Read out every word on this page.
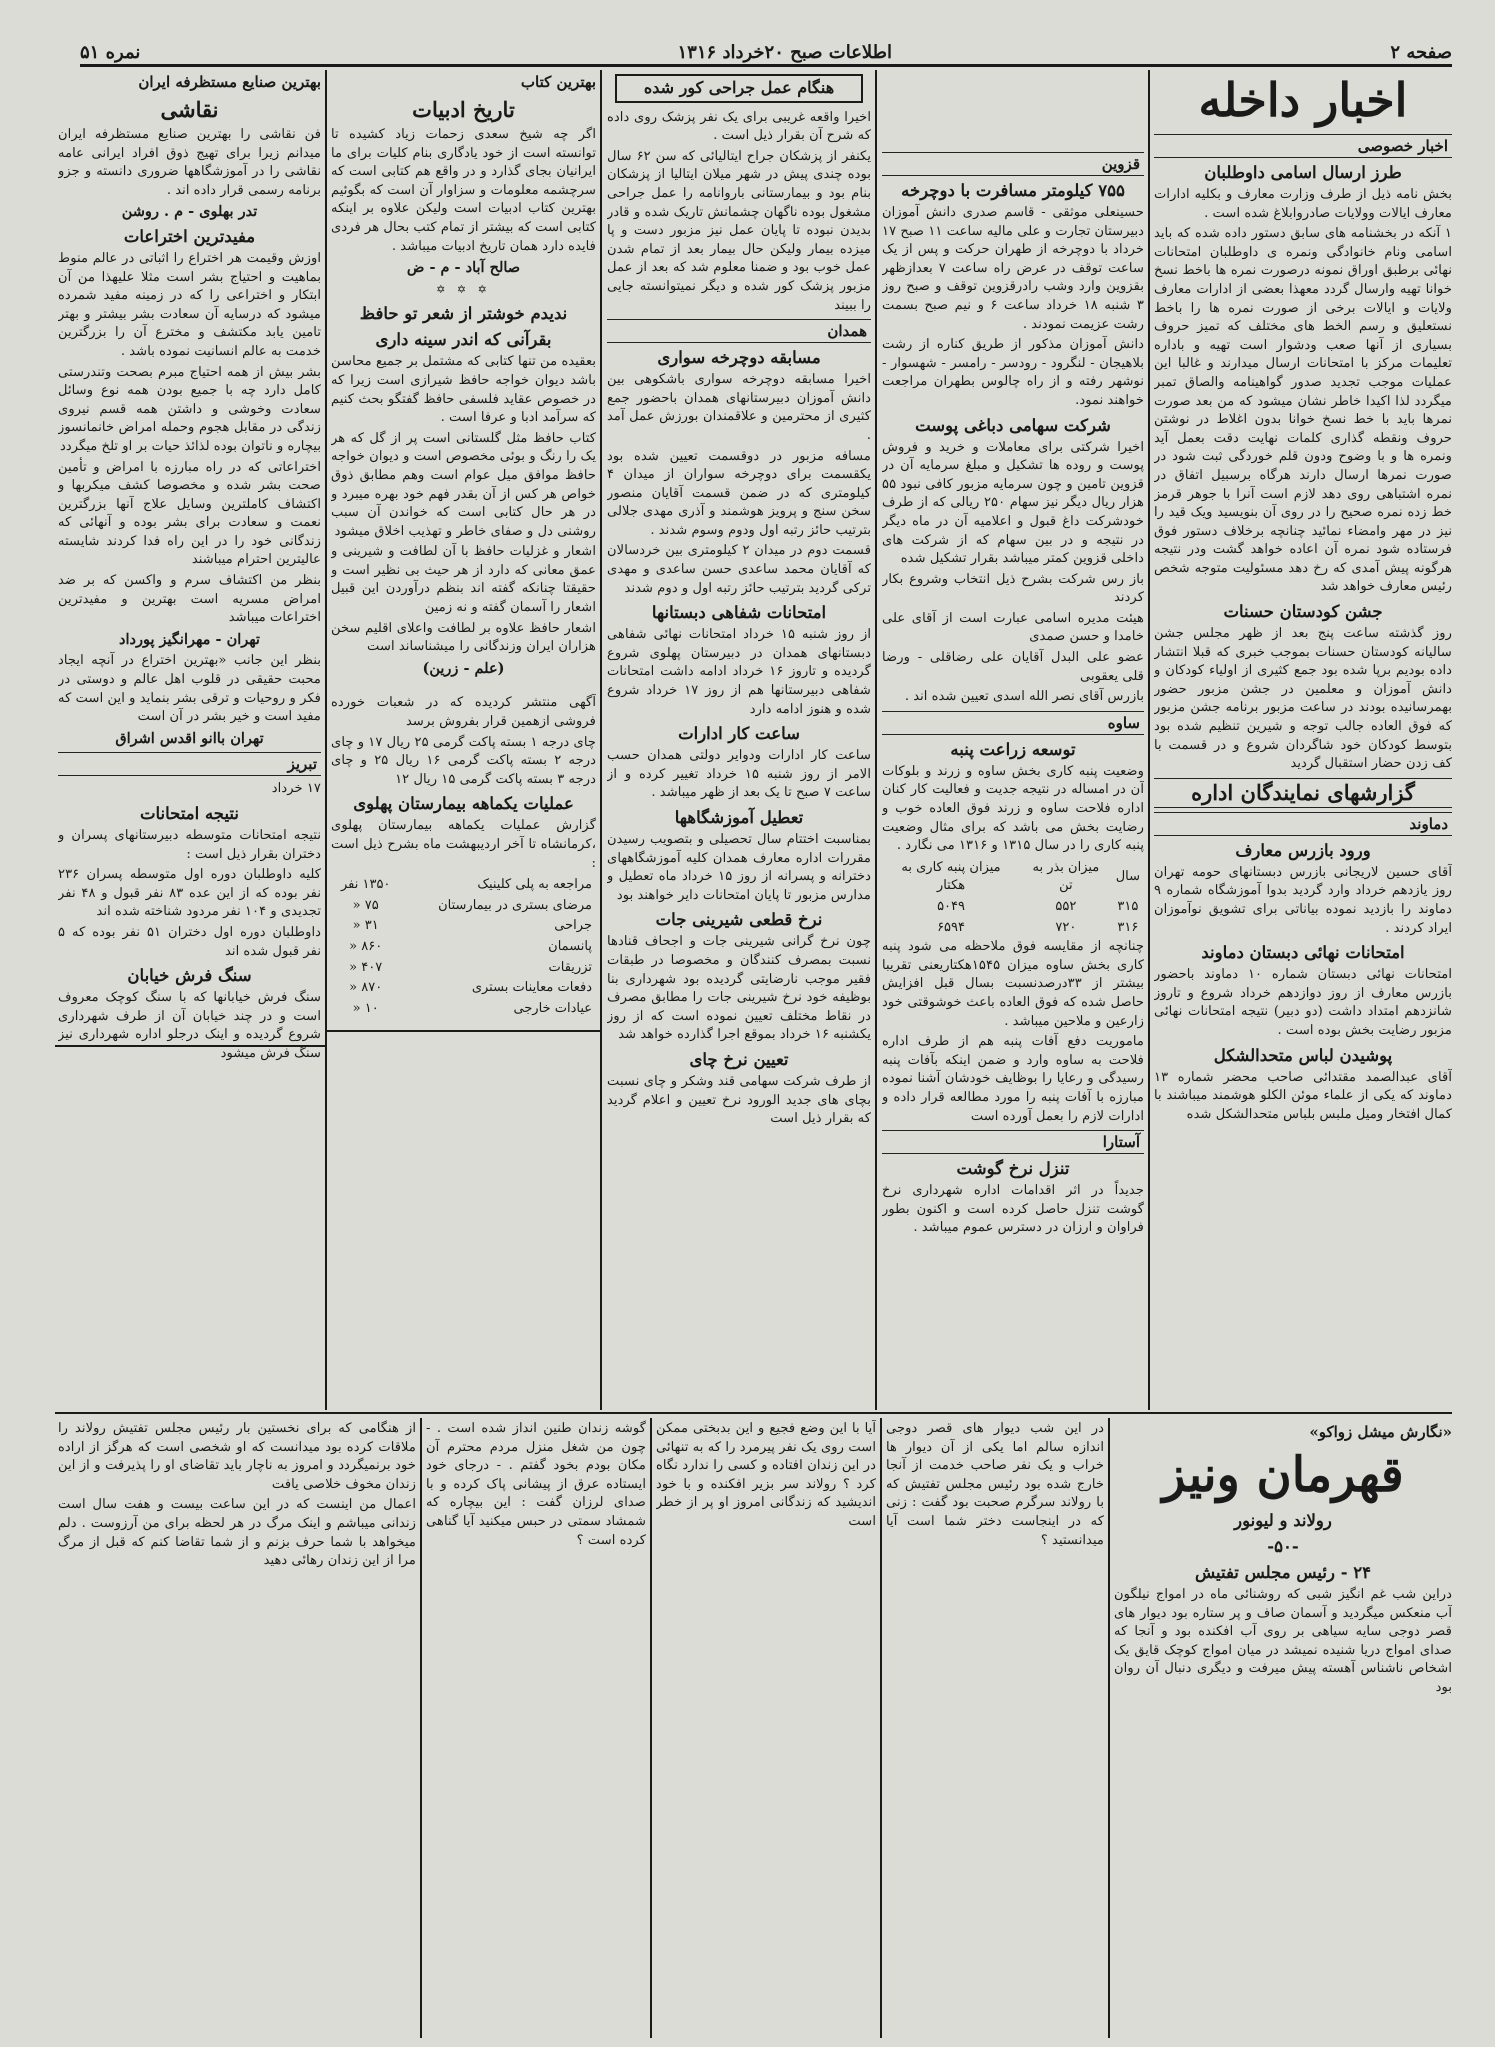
صفحه ۲
اطلاعات صبح ۲۰خرداد ۱۳۱۶
نمره ۵۱
اخبار داخله
اخبار خصوصی
طرز ارسال اسامی داوطلبان

بخش نامه ذیل از طرف وزارت معارف و بکلیه ادارات معارف ایالات وولایات صادروابلاغ شده است .

۱ آنکه در بخشنامه های سابق دستور داده شده که باید اسامی ونام خانوادگی ونمره ی داوطلبان امتحانات نهائی برطبق اوراق نمونه درصورت نمره ها باخط نسخ خوانا تهیه وارسال گردد معهذا بعضی از ادارات معارف ولایات و ایالات برخی از صورت نمره ها را باخط نستعلیق و رسم الخط های مختلف که تمیز حروف بسیاری از آنها صعب ودشوار است تهیه و باداره تعلیمات مرکز با امتحانات ارسال میدارند و غالبا این عملیات موجب تجدید صدور گواهینامه والصاق تمبر میگردد لذا اکیدا خاطر نشان میشود که من بعد صورت نمرها باید با خط نسخ خوانا بدون اغلاط در نوشتن حروف ونقطه گذاری کلمات نهایت دقت بعمل آید ونمره ها و با وضوح ودون قلم خوردگی ثبت شود در صورت نمرها ارسال دارند هرگاه برسبیل اتفاق در نمره اشتباهی روی دهد لازم است آنرا با جوهر قرمز خط زده نمره صحیح را در روی آن بنویسید ویک قید را نیز در مهر وامضاء نمائید چنانچه برخلاف دستور فوق فرستاده شود نمره آن اعاده خواهد گشت ودر نتیجه هرگونه پیش آمدی که رخ دهد مسئولیت متوجه شخص رئیس معارف خواهد شد

جشن کودستان حسنات

روز گذشته ساعت پنج بعد از ظهر مجلس جشن سالیانه کودستان حسنات بموجب خبری که قبلا انتشار داده بودیم برپا شده بود جمع کثیری از اولیاء کودکان و دانش آموزان و معلمین در جشن مزبور حضور بهمرسانیده بودند در ساعت مزبور برنامه جشن مزبور که فوق العاده جالب توجه و شیرین تنظیم شده بود بتوسط کودکان خود شاگردان شروع و در قسمت با کف زدن حضار استقبال گردید

گزارشهای نمایندگان اداره
دماوند
ورود بازرس معارف

آقای حسین لاریجانی بازرس دبستانهای حومه تهران روز یازدهم خرداد وارد گردید بدوا آموزشگاه شماره ۹ دماوند را بازدید نموده بیاناتی برای تشویق نوآموزان ایراد کردند .

امتحانات نهائی دبستان دماوند

امتحانات نهائی دبستان شماره ۱۰ دماوند باحضور بازرس معارف از روز دوازدهم خرداد شروع و تاروز شانزدهم امتداد داشت (دو دبیر) نتیجه امتحانات نهائی مزبور رضایت بخش بوده است .

پوشیدن لباس متحدالشکل

آقای عبدالصمد مقتدائی صاحب محضر شماره ۱۳ دماوند که یکی از علماء موئن الکلو هوشمند میباشند با کمال افتخار ومیل ملبس بلباس متحدالشکل شده

قزوین
۷۵۵ کیلومتر مسافرت با دوچرخه

حسینعلی موثقی - قاسم صدری دانش آموزان دبیرستان تجارت و علی مالیه ساعت ۱۱ صبح ۱۷ خرداد با دوچرخه از طهران حرکت و پس از یک ساعت توقف در عرض راه ساعت ۷ بعدازظهر بقزوین وارد وشب رادرقزوین توقف و صبح روز ۳ شنبه ۱۸ خرداد ساعت ۶ و نیم صبح بسمت رشت عزیمت نمودند .

دانش آموزان مذکور از طریق کناره از رشت بلاهیجان - لنگرود - رودسر - رامسر - شهسوار - نوشهر رفته و از راه چالوس بطهران مراجعت خواهند نمود.

شرکت سهامی دباغی پوست

اخیرا شرکتی برای معاملات و خرید و فروش پوست و روده ها تشکیل و مبلغ سرمایه آن در قزوین تامین و چون سرمایه مزبور کافی نبود ۵۵ هزار ریال دیگر نیز سهام ۲۵۰ ریالی که از طرف خودشرکت داغ قبول و اعلامیه آن در ماه دیگر در نتیجه و در بین سهام که از شرکت های داخلی قزوین کمتر میباشد بقرار تشکیل شده

باز رس شرکت بشرح ذیل انتخاب وشروع بکار کردند

هیئت مدیره اسامی عبارت است از آقای علی خامدا و حسن صمدی

عضو علی البدل آقایان علی رضاقلی - ورضا قلی یعقوبی

بازرس آقای نصر الله اسدی تعیین شده اند .

ساوه
توسعه زراعت پنبه

وضعیت پنبه کاری بخش ساوه و زرند و بلوکات آن در امساله در نتیجه جدیت و فعالیت کار کنان اداره فلاحت ساوه و زرند فوق العاده خوب و رضایت بخش می باشد که برای مثال وضعیت پنبه کاری را در سال ۱۳۱۵ و ۱۳۱۶ می نگارد .

سال	میزان بذر به تن	میزان پنبه کاری به هکتار
۳۱۵	۵۵۲	۵۰۴۹
۳۱۶	۷۲۰	۶۵۹۴

چنانچه از مقایسه فوق ملاحظه می شود پنبه کاری بخش ساوه میزان ۱۵۴۵هکتاریعنی تقریبا بیشتر از ۳۳درصدنسبت بسال قبل افزایش حاصل شده که فوق العاده باعث خوشوقتی خود زارعین و ملاحین میباشد .

ماموریت دفع آفات پنبه هم از طرف اداره فلاحت به ساوه وارد و ضمن اینکه بآفات پنبه رسیدگی و رعایا را بوظایف خودشان آشنا نموده مبارزه با آفات پنبه را مورد مطالعه قرار داده و ادارات لازم را بعمل آورده است

آستارا
تنزل نرخ گوشت

جدیداً در اثر اقدامات اداره شهرداری نرخ گوشت تنزل حاصل کرده است و اکنون بطور فراوان و ارزان در دسترس عموم میباشد .

هنگام عمل جراحی کور شده

اخیرا واقعه غریبی برای یک نفر پزشک روی داده که شرح آن بقرار ذیل است .

یکنفر از پزشکان جراح ایتالیائی که سن ۶۲ سال بوده چندی پیش در شهر میلان ایتالیا از پزشکان بنام بود و بیمارستانی باروانامه را عمل جراحی مشغول بوده ناگهان چشمانش تاریک شده و قادر بدیدن نبوده تا پایان عمل نیز مزبور دست و پا میزده بیمار ولیکن حال بیمار بعد از تمام شدن عمل خوب بود و ضمنا معلوم شد که بعد از عمل مزبور پزشک کور شده و دیگر نمیتوانسته جایی را ببیند

همدان
مسابقه دوچرخه سواری

اخیرا مسابقه دوچرخه سواری باشکوهی بین دانش آموزان دبیرستانهای همدان باحضور جمع کثیری از محترمین و علاقمندان بورزش عمل آمد .

مسافه مزبور در دوقسمت تعیین شده بود یکقسمت برای دوچرخه سواران از میدان ۴ کیلومتری که در ضمن قسمت آقایان منصور سخن سنج و پرویز هوشمند و آذری مهدی جلالی بترتیب حائز رتبه اول ودوم وسوم شدند .

قسمت دوم در میدان ۲ کیلومتری بین خردسالان که آقایان محمد ساعدی حسن ساعدی و مهدی ترکی گردید بترتیب حائز رتبه اول و دوم شدند

امتحانات شفاهی دبستانها

از روز شنبه ۱۵ خرداد امتحانات نهائی شفاهی دبستانهای همدان در دبیرستان پهلوی شروع گردیده و تاروز ۱۶ خرداد ادامه داشت امتحانات شفاهی دبیرستانها هم از روز ۱۷ خرداد شروع شده و هنوز ادامه دارد

ساعت کار ادارات

ساعت کار ادارات ودوایر دولتی همدان حسب الامر از روز شنبه ۱۵ خرداد تغییر کرده و از ساعت ۷ صبح تا یک بعد از ظهر میباشد .

تعطیل آموزشگاهها

بمناسبت اختتام سال تحصیلی و بتصویب رسیدن مقررات اداره معارف همدان کلیه آموزشگاههای دخترانه و پسرانه از روز ۱۵ خرداد ماه تعطیل و مدارس مزبور تا پایان امتحانات دایر خواهند بود

نرخ قطعی شیرینی جات

چون نرخ گرانی شیرینی جات و اجحاف قنادها نسبت بمصرف کنندگان و مخصوصا در طبقات فقیر موجب نارضایتی گردیده بود شهرداری بنا بوظیفه خود نرخ شیرینی جات را مطابق مصرف در نقاط مختلف تعیین نموده است که از روز یکشنبه ۱۶ خرداد بموقع اجرا گذارده خواهد شد

تعیین نرخ چای

از طرف شرکت سهامی قند وشکر و چای نسبت بچای های جدید الورود نرخ تعیین و اعلام گردید که بقرار ذیل است

بهترین کتاب
تاریخ ادبیات

اگر چه شیخ سعدی زحمات زیاد کشیده تا توانسته است از خود یادگاری بنام کلیات برای ما ایرانیان بجای گذارد و در واقع هم کتابی است که سرچشمه معلومات و سزاوار آن است که بگوئیم بهترین کتاب ادبیات است ولیکن علاوه بر اینکه کتابی است که بیشتر از تمام کتب بحال هر فردی فایده دارد همان تاریخ ادبیات میباشد .

صالح آباد - م - ض
✡ ✡ ✡
ندیدم خوشتر از شعر تو حافظ
بقرآنی که اندر سینه داری

بعقیده من تنها کتابی که مشتمل بر جمیع محاسن باشد دیوان خواجه حافظ شیرازی است زیرا که در خصوص عقاید فلسفی حافظ گفتگو بحث کنیم که سرآمد ادبا و عرفا است .

کتاب حافظ مثل گلستانی است پر از گل که هر یک را رنگ و بوئی مخصوص است و دیوان خواجه حافظ موافق میل عوام است وهم مطابق ذوق خواص هر کس از آن بقدر فهم خود بهره میبرد و در هر حال کتابی است که خواندن آن سبب روشنی دل و صفای خاطر و تهذیب اخلاق میشود

اشعار و غزلیات حافظ با آن لطافت و شیرینی و عمق معانی که دارد از هر حیث بی نظیر است و حقیقتا چنانکه گفته اند بنظم درآوردن این قبیل اشعار را آسمان گفته و نه زمین

اشعار حافظ علاوه بر لطافت واعلای اقلیم سخن هزاران ایران وزندگانی را میشناساند است

(علم - زرین)

آگهی منتشر کردیده که در شعبات خورده فروشی ازهمین قرار بفروش برسد

چای درجه ۱ بسته پاکت گرمی ۲۵ ریال ۱۷ و چای درجه ۲ بسته پاکت گرمی ۱۶ ریال ۲۵ و چای درجه ۳ بسته پاکت گرمی ۱۵ ریال ۱۲

عملیات یکماهه بیمارستان پهلوی

گزارش عملیات یکماهه بیمارستان پهلوی ،کرمانشاه تا آخر اردیبهشت ماه بشرح ذیل است :

مراجعه به پلی کلینیک	۱۳۵۰ نفر
مرضای بستری در بیمارستان	۷۵ «
جراحی	۳۱ «
پانسمان	۸۶۰ «
تزریقات	۴۰۷ «
دفعات معاینات بستری	۸۷۰ «
عیادات خارجی	۱۰ «
بهترین صنایع مستظرفه ایران
نقاشی

فن نقاشی را بهترین صنایع مستظرفه ایران میدانم زیرا برای تهیج ذوق افراد ایرانی عامه نقاشی را در آموزشگاهها ضروری دانسته و جزو برنامه رسمی قرار داده اند .

تدر بهلوی - م . روشن
مفیدترین اختراعات

اوزش وقیمت هر اختراع را اثباتی در عالم منوط بماهیت و احتیاج بشر است مثلا علیهذا من آن ابتکار و اختراعی را که در زمینه مفید شمرده میشود که درسایه آن سعادت بشر بیشتر و بهتر تامین یابد مکتشف و مخترع آن را بزرگترین خدمت به عالم انسانیت نموده باشد .

بشر بیش از همه احتیاج مبرم بصحت وتندرستی کامل دارد چه با جمیع بودن همه نوع وسائل سعادت وخوشی و داشتن همه قسم نیروی زندگی در مقابل هجوم وحمله امراض خانمانسوز بیچاره و ناتوان بوده لذائذ حیات بر او تلخ میگردد

اختراعاتی که در راه مبارزه با امراض و تأمین صحت بشر شده و مخصوصا کشف میکربها و اکتشاف کاملترین وسایل علاج آنها بزرگترین نعمت و سعادت برای بشر بوده و آنهائی که زندگانی خود را در این راه فدا کردند شایسته عالیترین احترام میباشند

بنظر من اکتشاف سرم و واکسن که بر ضد امراض مسریه است بهترین و مفیدترین اختراعات میباشد

تهران - مهرانگیز پورداد

بنظر این جانب «بهترین اختراع در آنچه ایجاد محبت حقیقی در قلوب اهل عالم و دوستی در فکر و روحیات و ترقی بشر بنماید و این است که مفید است و خیر بشر در آن است

تهران باانو اقدس اشراق
تبریز
۱۷ خرداد
نتیجه امتحانات

نتیجه امتحانات متوسطه دبیرستانهای پسران و دختران بقرار ذیل است :

کلیه داوطلبان دوره اول متوسطه پسران ۲۳۶ نفر بوده که از این عده ۸۳ نفر قبول و ۴۸ نفر تجدیدی و ۱۰۴ نفر مردود شناخته شده اند

داوطلبان دوره اول دختران ۵۱ نفر بوده که ۵ نفر قبول شده اند

سنگ فرش خیابان

سنگ فرش خیابانها که با سنگ کوچک معروف است و در چند خیابان آن از طرف شهرداری شروع گردیده و اینک درجلو اداره شهرداری نیز سنگ فرش میشود

«نگارش میشل زواکو»
قهرمان ونیز
رولاند و لیونور
-۵۰-
۲۴ - رئیس مجلس تفتیش

دراین شب غم انگیز شبی که روشنائی ماه در امواج نیلگون آب منعکس میگردید و آسمان صاف و پر ستاره بود دیوار های قصر دوجی سایه سیاهی بر روی آب افکنده بود و آنجا که صدای امواج دریا شنیده نمیشد در میان امواج کوچک قایق یک اشخاص ناشناس آهسته پیش میرفت و دیگری دنبال آن روان بود

در این شب دیوار های قصر دوجی اندازه سالم اما یکی از آن دیوار ها خراب و یک نفر صاحب خدمت از آنجا خارج شده بود رئیس مجلس تفتیش که با رولاند سرگرم صحبت بود گفت : زنی که در اینجاست دختر شما است آیا میدانستید ؟

آیا با این وضع فجیع و این بدبختی ممکن است روی یک نفر پیرمرد را که به تنهائی در این زندان افتاده و کسی را ندارد نگاه کرد ؟ رولاند سر بزیر افکنده و با خود اندیشید که زندگانی امروز او پر از خطر است

گوشه زندان طنین انداز شده است . - چون من شغل منزل مردم محترم آن مکان بودم بخود گفتم . - درجای خود ایستاده عرق از پیشانی پاک کرده و با صدای لرزان گفت : این بیچاره که شمشاد سمتی در حبس میکنید آیا گناهی کرده است ؟

از هنگامی که برای نخستین بار رئیس مجلس تفتیش رولاند را ملاقات کرده بود میدانست که او شخصی است که هرگز از اراده خود برنمیگردد و امروز به ناچار باید تقاضای او را پذیرفت و از این زندان مخوف خلاصی یافت

اعمال من اینست که در این ساعت بیست و هفت سال است زندانی میباشم و اینک مرگ در هر لحظه برای من آرزوست . دلم میخواهد با شما حرف بزنم و از شما تقاضا کنم که قبل از مرگ مرا از این زندان رهائی دهید
